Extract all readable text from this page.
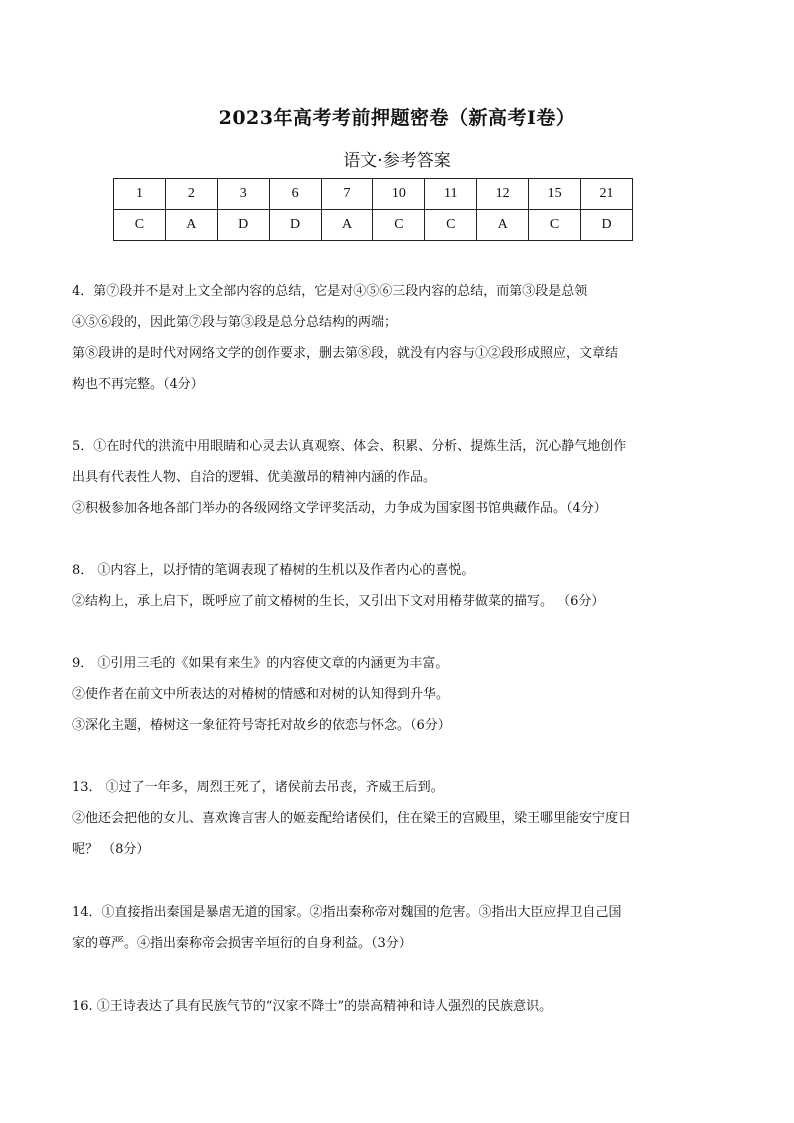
2023年高考考前押题密卷（新高考Ⅰ卷）
语文·参考答案
1	2	3	6	7	10	11	12	15	21
C	A	D	D	A	C	C	A	C	D

4．第⑦段并不是对上文全部内容的总结，它是对④⑤⑥三段内容的总结，而第③段是总领

④⑤⑥段的，因此第⑦段与第③段是总分总结构的两端；

第⑧段讲的是时代对网络文学的创作要求，删去第⑧段，就没有内容与①②段形成照应，文章结

构也不再完整。（4分）

5．①在时代的洪流中用眼睛和心灵去认真观察、体会、积累、分析、提炼生活，沉心静气地创作

出具有代表性人物、自洽的逻辑、优美激昂的精神内涵的作品。

②积极参加各地各部门举办的各级网络文学评奖活动，力争成为国家图书馆典藏作品。（4分）

8． ①内容上，以抒情的笔调表现了椿树的生机以及作者内心的喜悦。

②结构上，承上启下，既呼应了前文椿树的生长，又引出下文对用椿芽做菜的描写。 （6分）

9． ①引用三毛的《如果有来生》的内容使文章的内涵更为丰富。

②使作者在前文中所表达的对椿树的情感和对树的认知得到升华。

③深化主题，椿树这一象征符号寄托对故乡的依恋与怀念。（6分）

13． ①过了一年多，周烈王死了，诸侯前去吊丧，齐威王后到。

②他还会把他的女儿、喜欢谗言害人的姬妾配给诸侯们，住在梁王的宫殿里，梁王哪里能安宁度日

呢？ （8分）

14．①直接指出秦国是暴虐无道的国家。②指出秦称帝对魏国的危害。③指出大臣应捍卫自己国

家的尊严。④指出秦称帝会损害辛垣衍的自身利益。（3分）

16. ①王诗表达了具有民族气节的“汉家不降士”的崇高精神和诗人强烈的民族意识。
